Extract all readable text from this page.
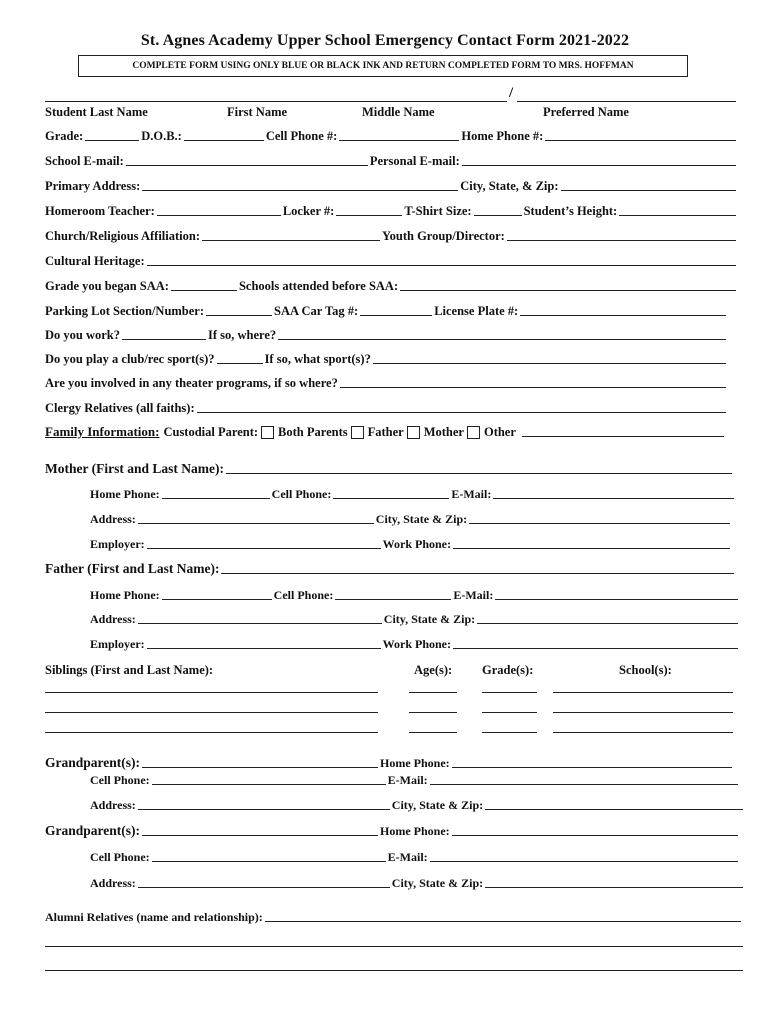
St. Agnes Academy Upper School Emergency Contact Form 2021-2022
COMPLETE FORM USING ONLY BLUE OR BLACK INK AND RETURN COMPLETED FORM TO MRS. HOFFMAN
/
Student Last Name	First Name	Middle Name	Preferred Name
Grade:	D.O.B.:	Cell Phone #:	Home Phone #:
School E-mail:	Personal E-mail:
Primary Address:	City, State, & Zip:
Homeroom Teacher:	Locker #:	T-Shirt Size:	Student’s Height:
Church/Religious Affiliation:	Youth Group/Director:
Cultural Heritage:
Grade you began SAA:	Schools attended before SAA:
Parking Lot Section/Number:	SAA Car Tag #:	License Plate #:
Do you work?	If so, where?
Do you play a club/rec sport(s)?	If so, what sport(s)?
Are you involved in any theater programs, if so where?
Clergy Relatives (all faiths):
Family Information: Custodial Parent: Both Parents Father Mother Other
Mother (First and Last Name):
Home Phone:	Cell Phone:	E-Mail:
Address:	City, State & Zip:
Employer:	Work Phone:
Father (First and Last Name):
Home Phone:	Cell Phone:	E-Mail:
Address:	City, State & Zip:
Employer:	Work Phone:
Siblings (First and Last Name):	Age(s): Grade(s):	School(s):
Grandparent(s):	Home Phone:
Cell Phone:	E-Mail:
Address:	City, State & Zip:
Grandparent(s):	Home Phone:
Cell Phone:	E-Mail:
Address:	City, State & Zip:
Alumni Relatives (name and relationship):
